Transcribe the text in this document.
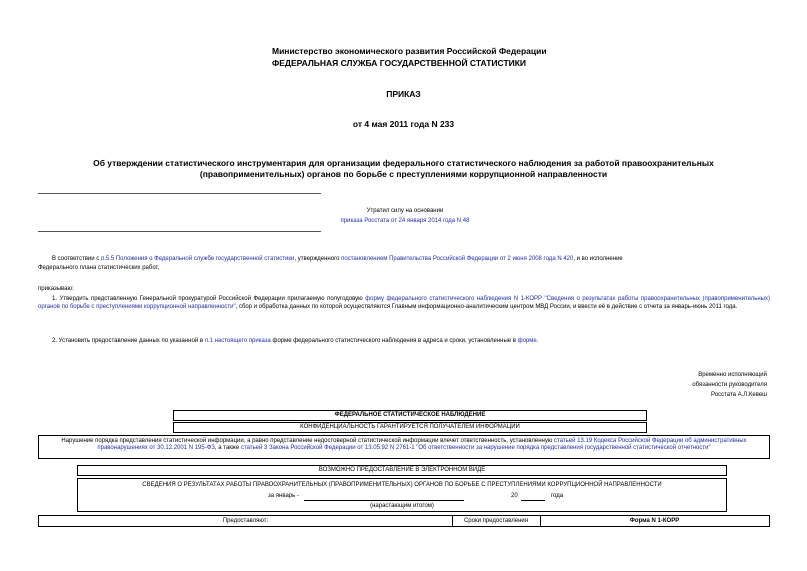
Министерство экономического развития Российской Федерации
ФЕДЕРАЛЬНАЯ СЛУЖБА ГОСУДАРСТВЕННОЙ СТАТИСТИКИ
ПРИКАЗ
от 4 мая 2011 года N 233
Об утверждении статистического инструментария для организации федерального статистического наблюдения за работой правоохранительных
(правоприменительных) органов по борьбе с преступлениями коррупционной направленности
Утратил силу на основании
приказа Росстата от 24 января 2014 года N 48
В соответствии с п.5.5 Положения о Федеральной службе государственной статистики, утвержденного постановлением Правительства Российской Федерации от 2 июня 2008 года N 420, и во исполнение
Федерального плана статистических работ,
приказываю:
1. Утвердить представленную Генеральной прокуратурой Российской Федерации прилагаемую полугодовую форму федерального статистического наблюдения N 1-КОРР "Сведения о результатах работы правоохранительных (правоприменительных) органов по борьбе с преступлениями коррупционной направленности", сбор и обработка данных по которой осуществляются Главным информационно-аналитическим центром МВД России, и ввести её в действие с отчета за январь-июнь 2011 года.
2. Установить предоставление данных по указанной в п.1 настоящего приказа форме федерального статистического наблюдения в адреса и сроки, установленные в форме.
Временно исполняющий
обязанности руководителя
Росстата А.Л.Кевеш
ФЕДЕРАЛЬНОЕ СТАТИСТИЧЕСКОЕ НАБЛЮДЕНИЕ
КОНФИДЕНЦИАЛЬНОСТЬ ГАРАНТИРУЕТСЯ ПОЛУЧАТЕЛЕМ ИНФОРМАЦИИ
Нарушение порядка представления статистической информации, а равно представление недостоверной статистической информации влечет ответственность, установленную статьей 13.19 Кодекса Российской Федерации об административных правонарушениях от 30.12.2001 N 195-ФЗ, а также статьей 3 Закона Российской Федерации от 13.05.92 N 2761-1 "Об ответственности за нарушение порядка представления государственной статистической отчетности"
ВОЗМОЖНО ПРЕДОСТАВЛЕНИЕ В ЭЛЕКТРОННОМ ВИДЕ
СВЕДЕНИЯ О РЕЗУЛЬТАТАХ РАБОТЫ ПРАВООХРАНИТЕЛЬНЫХ (ПРАВОПРИМЕНИТЕЛЬНЫХ) ОРГАНОВ ПО БОРЬБЕ С ПРЕСТУПЛЕНИЯМИ КОРРУПЦИОННОЙ НАПРАВЛЕННОСТИ
за январь -	20	года
(нарастающим итогом)
Предоставляют:	Сроки предоставления	Форма N 1-КОРР
